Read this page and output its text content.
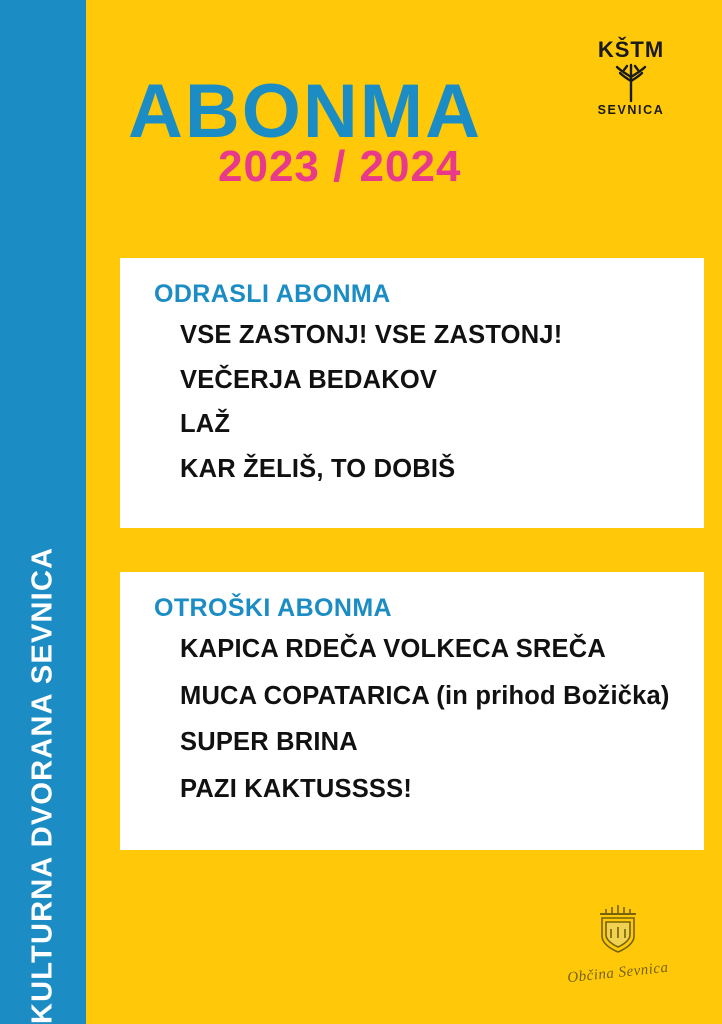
KULTURNA DVORANA SEVNICA
ABONMA
2023 / 2024
KŠTM
SEVNICA
ODRASLI ABONMA
VSE ZASTONJ! VSE ZASTONJ!
VEČERJA BEDAKOV
LAŽ
KAR ŽELIŠ, TO DOBIŠ
OTROŠKI ABONMA
KAPICA RDEČA VOLKECA SREČA
MUCA COPATARICA (in prihod Božička)
SUPER BRINA
PAZI KAKTUSSSS!
Občina Sevnica
